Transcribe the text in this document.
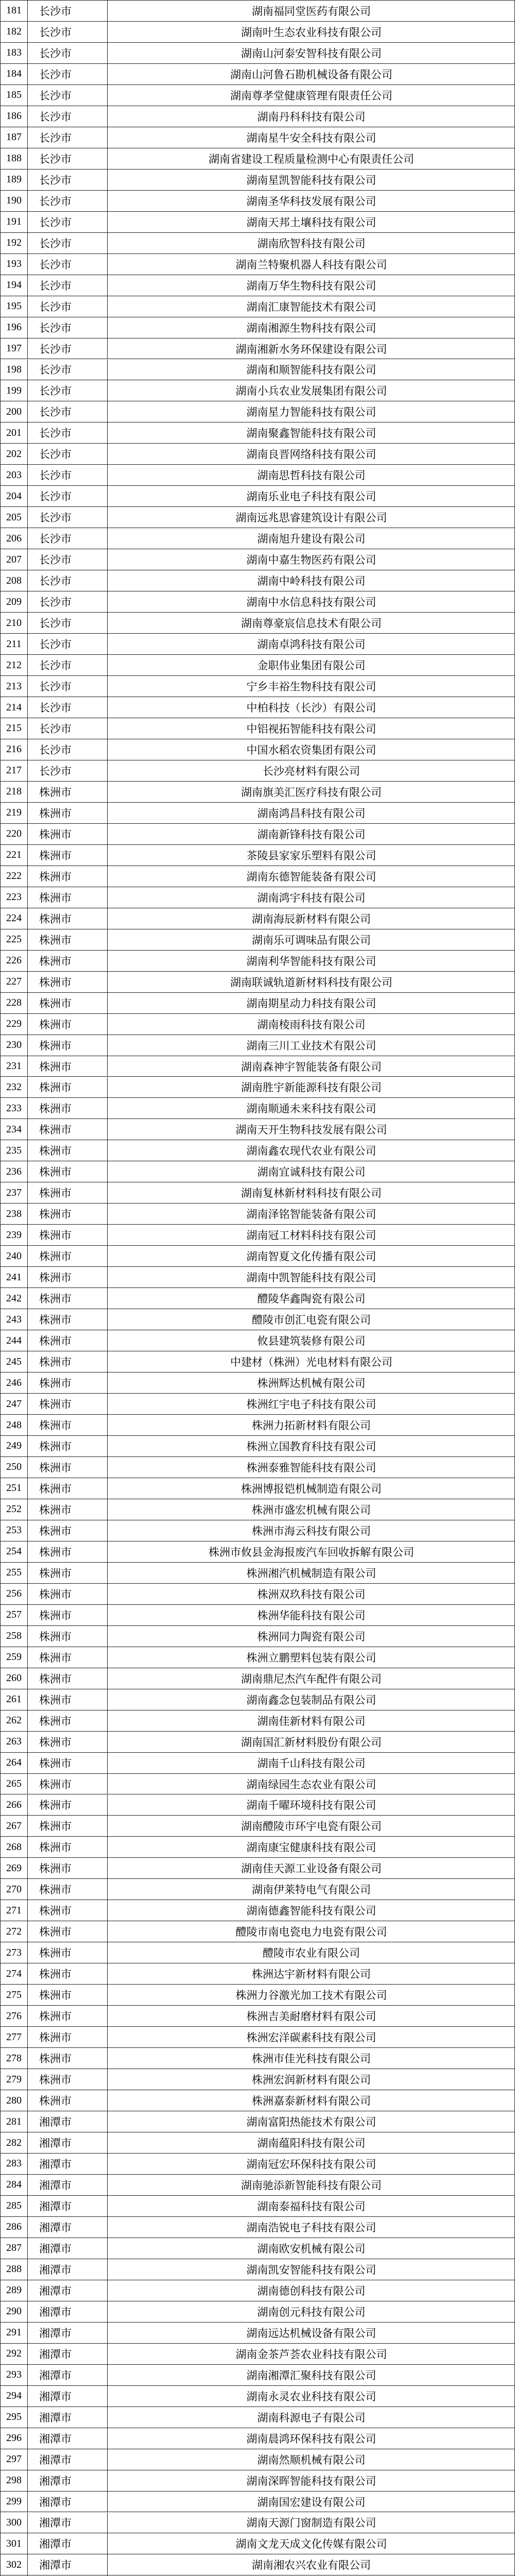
181	长沙市	湖南福同堂医药有限公司
182	长沙市	湖南叶生态农业科技有限公司
183	长沙市	湖南山河泰安智科技有限公司
184	长沙市	湖南山河鲁石勘机械设备有限公司
185	长沙市	湖南尊孝堂健康管理有限责任公司
186	长沙市	湖南丹科科技有限公司
187	长沙市	湖南星牛安全科技有限公司
188	长沙市	湖南省建设工程质量检测中心有限责任公司
189	长沙市	湖南星凯智能科技有限公司
190	长沙市	湖南圣华科技发展有限公司
191	长沙市	湖南天邦土壤科技有限公司
192	长沙市	湖南欣智科技有限公司
193	长沙市	湖南兰特聚机器人科技有限公司
194	长沙市	湖南万华生物科技有限公司
195	长沙市	湖南汇康智能技术有限公司
196	长沙市	湖南湘源生物科技有限公司
197	长沙市	湖南湘新水务环保建设有限公司
198	长沙市	湖南和顺智能科技有限公司
199	长沙市	湖南小兵农业发展集团有限公司
200	长沙市	湖南星力智能科技有限公司
201	长沙市	湖南聚鑫智能科技有限公司
202	长沙市	湖南良晋网络科技有限公司
203	长沙市	湖南思哲科技有限公司
204	长沙市	湖南乐业电子科技有限公司
205	长沙市	湖南远兆思睿建筑设计有限公司
206	长沙市	湖南旭升建设有限公司
207	长沙市	湖南中嘉生物医药有限公司
208	长沙市	湖南中岭科技有限公司
209	长沙市	湖南中水信息科技有限公司
210	长沙市	湖南尊豪宸信息技术有限公司
211	长沙市	湖南卓鸿科技有限公司
212	长沙市	金职伟业集团有限公司
213	长沙市	宁乡丰裕生物科技有限公司
214	长沙市	中柏科技（长沙）有限公司
215	长沙市	中铝视拓智能科技有限公司
216	长沙市	中国水稻农资集团有限公司
217	长沙市	长沙亮材料有限公司
218	株洲市	湖南旗美汇医疗科技有限公司
219	株洲市	湖南鸿昌科技有限公司
220	株洲市	湖南新锋科技有限公司
221	株洲市	茶陵县家家乐塑料有限公司
222	株洲市	湖南东德智能装备有限公司
223	株洲市	湖南鸿宇科技有限公司
224	株洲市	湖南海辰新材料有限公司
225	株洲市	湖南乐可调味品有限公司
226	株洲市	湖南利华智能科技有限公司
227	株洲市	湖南联诚轨道新材料科技有限公司
228	株洲市	湖南期星动力科技有限公司
229	株洲市	湖南棱雨科技有限公司
230	株洲市	湖南三川工业技术有限公司
231	株洲市	湖南森神宇智能装备有限公司
232	株洲市	湖南胜宇新能源科技有限公司
233	株洲市	湖南顺通未来科技有限公司
234	株洲市	湖南天开生物科技发展有限公司
235	株洲市	湖南鑫农现代农业有限公司
236	株洲市	湖南宜诚科技有限公司
237	株洲市	湖南复林新材料科技有限公司
238	株洲市	湖南泽铭智能装备有限公司
239	株洲市	湖南冠工材料科技有限公司
240	株洲市	湖南智夏文化传播有限公司
241	株洲市	湖南中凯智能科技有限公司
242	株洲市	醴陵华鑫陶瓷有限公司
243	株洲市	醴陵市创汇电瓷有限公司
244	株洲市	攸县建筑装修有限公司
245	株洲市	中建材（株洲）光电材料有限公司
246	株洲市	株洲辉达机械有限公司
247	株洲市	株洲红宇电子科技有限公司
248	株洲市	株洲力拓新材料有限公司
249	株洲市	株洲立国教育科技有限公司
250	株洲市	株洲泰雅智能科技有限公司
251	株洲市	株洲博报铠机械制造有限公司
252	株洲市	株洲市盛宏机械有限公司
253	株洲市	株洲市海云科技有限公司
254	株洲市	株洲市攸县金海报废汽车回收拆解有限公司
255	株洲市	株洲湘汽机械制造有限公司
256	株洲市	株洲双玖科技有限公司
257	株洲市	株洲华能科技有限公司
258	株洲市	株洲同力陶瓷有限公司
259	株洲市	株洲立鹏塑料包装有限公司
260	株洲市	湖南鼎尼杰汽车配件有限公司
261	株洲市	湖南鑫念包装制品有限公司
262	株洲市	湖南佳新材料有限公司
263	株洲市	湖南国汇新材料股份有限公司
264	株洲市	湖南千山科技有限公司
265	株洲市	湖南绿园生态农业有限公司
266	株洲市	湖南千曜环境科技有限公司
267	株洲市	湖南醴陵市环宇电瓷有限公司
268	株洲市	湖南康宝健康科技有限公司
269	株洲市	湖南佳天源工业设备有限公司
270	株洲市	湖南伊莱特电气有限公司
271	株洲市	湖南德鑫智能科技有限公司
272	株洲市	醴陵市南电瓷电力电瓷有限公司
273	株洲市	醴陵市农业有限公司
274	株洲市	株洲达宇新材料有限公司
275	株洲市	株洲力谷激光加工技术有限公司
276	株洲市	株洲吉美耐磨材料有限公司
277	株洲市	株洲宏洋碳素科技有限公司
278	株洲市	株洲市佳光科技有限公司
279	株洲市	株洲宏润新材料有限公司
280	株洲市	株洲嘉泰新材料有限公司
281	湘潭市	湖南富阳热能技术有限公司
282	湘潭市	湖南蕴阳科技有限公司
283	湘潭市	湖南冠宏环保科技有限公司
284	湘潭市	湖南驰添新智能科技有限公司
285	湘潭市	湖南泰福科技有限公司
286	湘潭市	湖南浩锐电子科技有限公司
287	湘潭市	湖南欧安机械有限公司
288	湘潭市	湖南凯安智能科技有限公司
289	湘潭市	湖南德创科技有限公司
290	湘潭市	湖南创元科技有限公司
291	湘潭市	湖南远达机械设备有限公司
292	湘潭市	湖南金茶芦荟农业科技有限公司
293	湘潭市	湖南湘潭汇聚科技有限公司
294	湘潭市	湖南永灵农业科技有限公司
295	湘潭市	湖南科源电子有限公司
296	湘潭市	湖南晨鸿环保科技有限公司
297	湘潭市	湖南然顺机械有限公司
298	湘潭市	湖南深晖智能科技有限公司
299	湘潭市	湖南国宏建设有限公司
300	湘潭市	湖南天源门窗制造有限公司
301	湘潭市	湖南文龙天成文化传媒有限公司
302	湘潭市	湖南湘农兴农业有限公司
